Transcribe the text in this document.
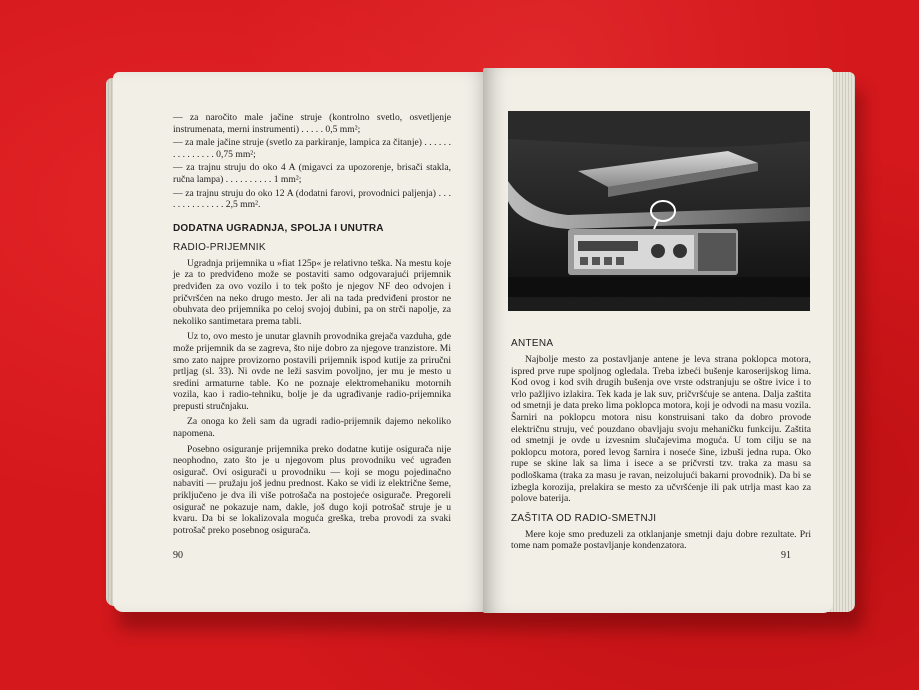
— za naročito male jačine struje (kontrolno svetlo, osvetljenje instrumenata, merni instrumenti) . . . . . 0,5 mm²;

— za male jačine struje (svetlo za parkiranje, lampica za čitanje) . . . . . . . . . . . . . . . 0,75 mm²;

— za trajnu struju do oko 4 A (migavci za upozorenje, brisači stakla, ručna lampa) . . . . . . . . . . 1 mm²;

— za trajnu struju do oko 12 A (dodatni farovi, provodnici paljenja) . . . . . . . . . . . . . . 2,5 mm².

DODATNA UGRADNJA, SPOLJA I UNUTRA
RADIO-PRIJEMNIK

Ugradnja prijemnika u »fiat 125p« je relativno teška. Na mestu koje je za to predviđeno može se postaviti samo odgovarajući prijemnik predviđen za ovo vozilo i to tek pošto je njegov NF deo odvojen i pričvršćen na neko drugo mesto. Jer ali na tada predviđeni prostor ne obuhvata deo prijemnika po celoj svojoj dubini, pa on strči napolje, za nekoliko santimetara prema tabli.

Uz to, ovo mesto je unutar glavnih provodnika grejača vazduha, gde može prijemnik da se zagreva, što nije dobro za njegove tranzistore. Mi smo zato najpre provizorno postavili prijemnik ispod kutije za priručni prtljag (sl. 33). Ni ovde ne leži sasvim povoljno, jer mu je mesto u sredini armaturne table. Ko ne poznaje elektromehaniku motornih vozila, kao i radio-tehniku, bolje je da ugrađivanje radio-prijemnika prepusti stručnjaku.

Za onoga ko želi sam da ugradi radio-prijemnik dajemo nekoliko napomena.

Posebno osiguranje prijemnika preko dodatne kutije osigurača nije neophodno, zato što je u njegovom plus provodniku već ugrađen osigurač. Ovi osigurači u provodniku — koji se mogu pojedinačno nabaviti — pružaju još jednu prednost. Kako se vidi iz električne šeme, priključeno je dva ili više potrošača na postojeće osigurače. Pregoreli osigurač ne pokazuje nam, dakle, još dugo koji potrošač struje je u kvaru. Da bi se lokalizovala moguća greška, treba provodi za svaki potrošač preko posebnog osigurača.

90
Sl. 33 — Provizorno postavljen radio-prijemnik (nepriklađno smešten)
ANTENA

Najbolje mesto za postavljanje antene je leva strana poklopca motora, ispred prve rupe spoljnog ogledala. Treba izbeći bušenje karoserijskog lima. Kod ovog i kod svih drugih bušenja ove vrste odstranjuju se oštre ivice i to vrlo pažljivo izlakira. Tek kada je lak suv, pričvršćuje se antena. Dalja zaštita od smetnji je data preko lima poklopca motora, koji je odvodi na masu vozila. Šarniri na poklopcu motora nisu konstruisani tako da dobro provode električnu struju, već pouzdano obavljaju svoju mehaničku funkciju. Zaštita od smetnji je ovde u izvesnim slučajevima moguća. U tom cilju se na poklopcu motora, pored levog šarnira i noseće šine, izbuši jedna rupa. Oko rupe se skine lak sa lima i isece a se pričvrsti tzv. traka za masu sa podloškama (traka za masu je ravan, neizolujući bakarni provodnik). Da bi se izbegla korozija, prelakira se mesto za učvršćenje ili pak utrlja mast kao za polove baterija.

ZAŠTITA OD RADIO-SMETNJI

Mere koje smo preduzeli za otklanjanje smetnji daju dobre rezultate. Pri tome nam pomaže postavljanje kondenzatora.

91
